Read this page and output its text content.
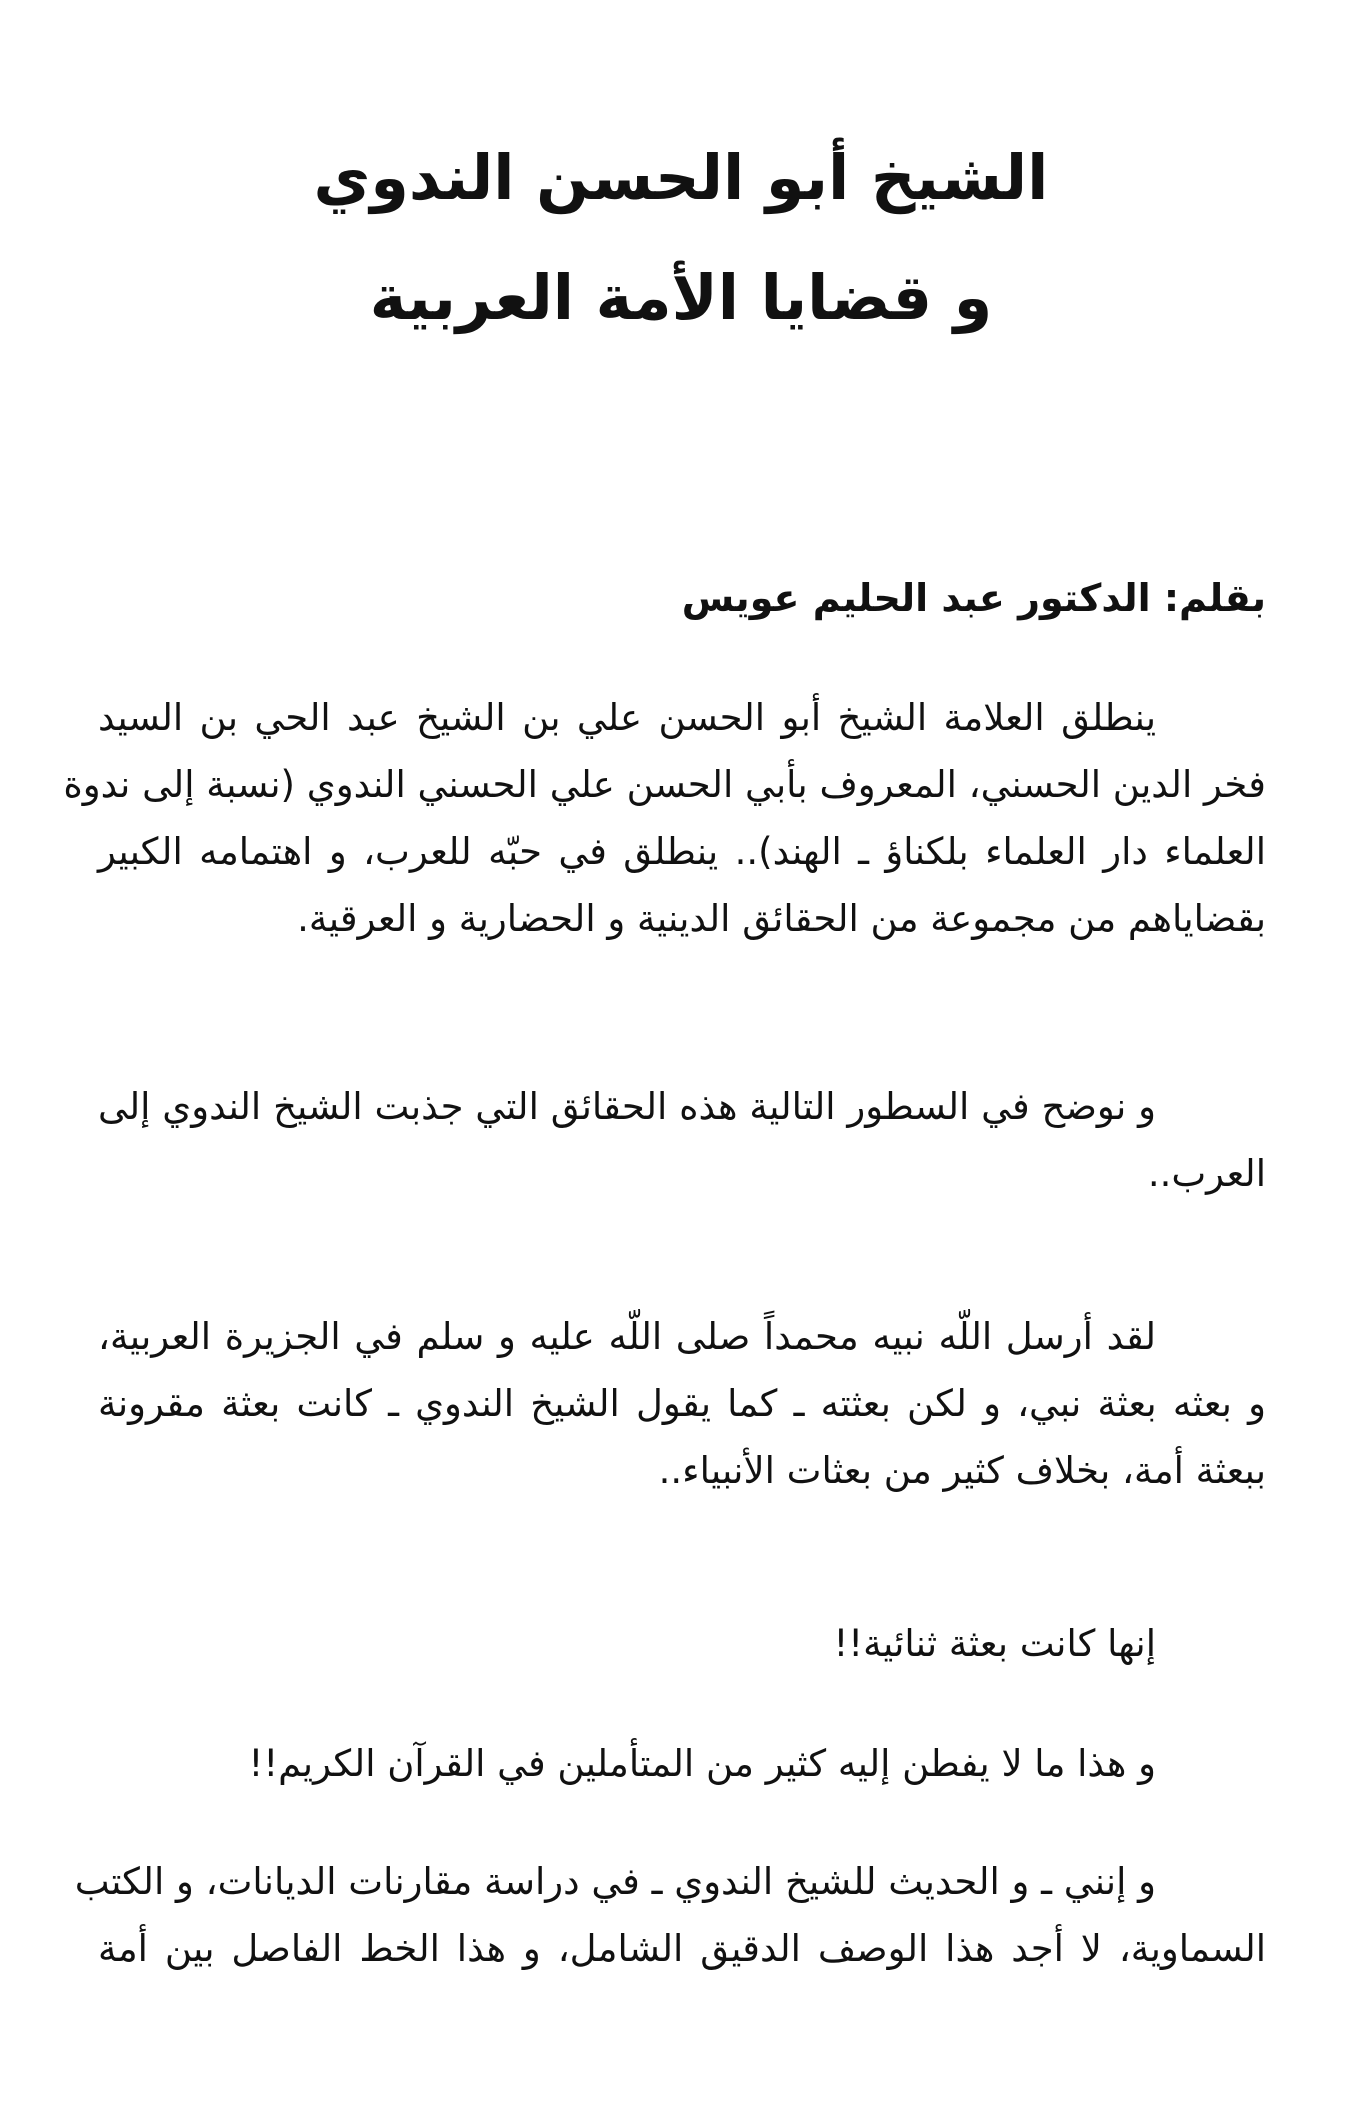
الشيخ أبو الحسن الندوي
و قضايا الأمة العربية
بقلم: الدكتور عبد الحليم عويس
ينطلق العلامة الشيخ أبو الحسن علي بن الشيخ عبد الحي بن السيد
فخر الدين الحسني، المعروف بأبي الحسن علي الحسني الندوي (نسبة إلى ندوة
العلماء دار العلماء بلكناؤ ـ الهند).. ينطلق في حبّه للعرب، و اهتمامه الكبير
بقضاياهم من مجموعة من الحقائق الدينية و الحضارية و العرقية.
و نوضح في السطور التالية هذه الحقائق التي جذبت الشيخ الندوي إلى
العرب..
لقد أرسل اللّه نبيه محمداً صلى اللّه عليه و سلم في الجزيرة العربية،
و بعثه بعثة نبي، و لكن بعثته ـ كما يقول الشيخ الندوي ـ كانت بعثة مقرونة
ببعثة أمة، بخلاف كثير من بعثات الأنبياء..
إنها كانت بعثة ثنائية!!
و هذا ما لا يفطن إليه كثير من المتأملين في القرآن الكريم!!
و إنني ـ و الحديث للشيخ الندوي ـ في دراسة مقارنات الديانات، و الكتب
السماوية، لا أجد هذا الوصف الدقيق الشامل، و هذا الخط الفاصل بين أمة
